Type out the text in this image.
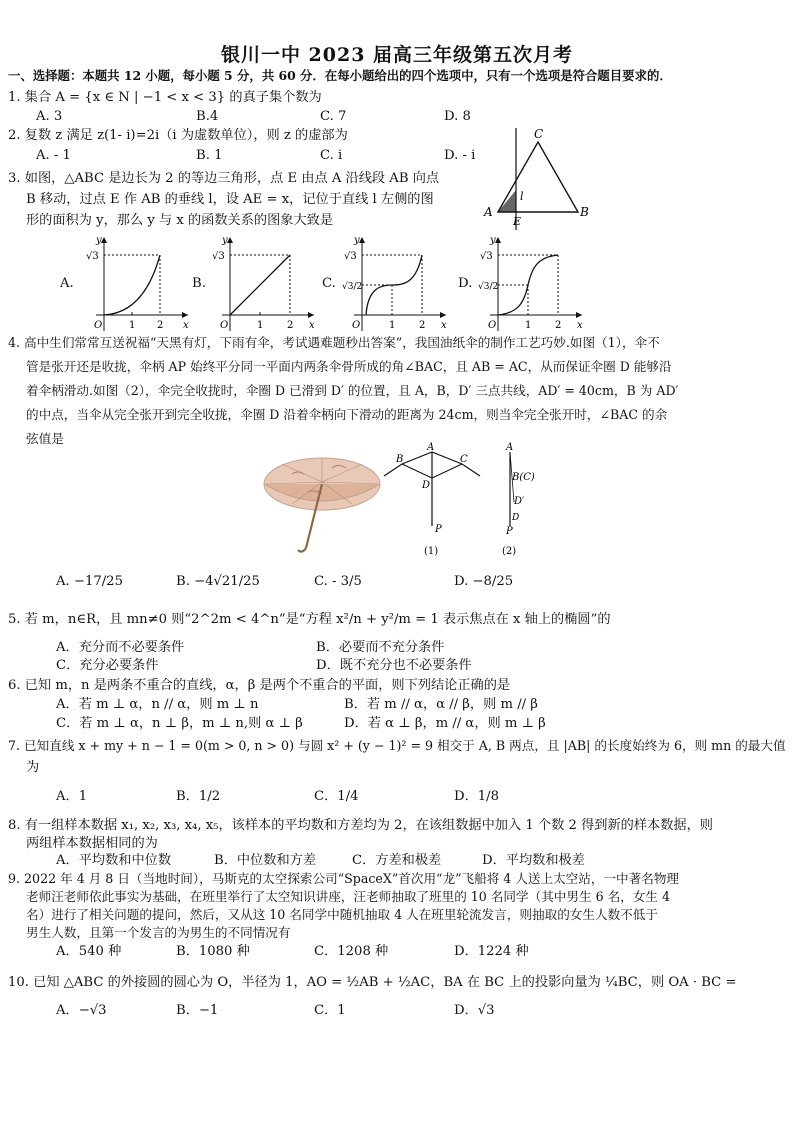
银川一中 2023 届高三年级第五次月考
一、选择题：本题共 12 小题，每小题 5 分，共 60 分．在每小题给出的四个选项中，只有一个选项是符合题目要求的．
1. 集合 A = {x ∈ N | −1 < x < 3} 的真子集个数为
A. 3	B.4	C. 7	D. 8
2. 复数 z 满足 z(1- i)=2i（i 为虚数单位），则 z 的虚部为
A. - 1	B. 1	C. i	D. - i
3. 如图，△ABC 是边长为 2 的等边三角形，点 E 由点 A 沿线段 AB 向点
B 移动，过点 E 作 AB 的垂线 l，设 AE = x，记位于直线 l 左侧的图
形的面积为 y，那么 y 与 x 的函数关系的图象大致是
C
l
A
E
B
A.	B.	C.	D.
y
x
O	1 2
√3
y
x
O	1 2
√3
y
x
O	1 2
√3
√3/2
y
x
O	1 2
√3
√3/2
4. 高中生们常常互送祝福“天黑有灯，下雨有伞，考试遇难题秒出答案”，我国油纸伞的制作工艺巧妙.如图（1），伞不
管是张开还是收拢，伞柄 AP 始终平分同一平面内两条伞骨所成的角∠BAC，且 AB = AC，从而保证伞圈 D 能够沿
着伞柄滑动.如图（2），伞完全收拢时，伞圈 D 已滑到 D′ 的位置，且 A，B，D′ 三点共线，AD′ = 40cm，B 为 AD′
的中点，当伞从完全张开到完全收拢，伞圈 D 沿着伞柄向下滑动的距离为 24cm，则当伞完全张开时，∠BAC 的余
弦值是
A
B	C
D
P
(1)
A
B(C)
D′
D
P
(2)
A. −17/25	B. −4√21/25	C. - 3/5	D. −8/25
5. 若 m，n∈R，且 mn≠0 则“2^2m < 4^n”是“方程 x²/n + y²/m = 1 表示焦点在 x 轴上的椭圆”的
A．充分而不必要条件	B．必要而不充分条件
C．充分必要条件	D．既不充分也不必要条件
6. 已知 m，n 是两条不重合的直线，α，β 是两个不重合的平面，则下列结论正确的是
A．若 m ⊥ α，n // α，则 m ⊥ n	B．若 m // α，α // β，则 m // β
C．若 m ⊥ α，n ⊥ β，m ⊥ n,则 α ⊥ β	D．若 α ⊥ β，m // α，则 m ⊥ β
7. 已知直线 x + my + n − 1 = 0(m > 0, n > 0) 与圆 x² + (y − 1)² = 9 相交于 A, B 两点，且 |AB| 的长度始终为 6，则 mn 的最大值
为
A．1	B．1/2	C．1/4	D．1/8
8. 有一组样本数据 x₁, x₂, x₃, x₄, x₅，该样本的平均数和方差均为 2，在该组数据中加入 1 个数 2 得到新的样本数据，则
两组样本数据相同的为
A．平均数和中位数	B．中位数和方差	C．方差和极差	D．平均数和极差
9. 2022 年 4 月 8 日（当地时间），马斯克的太空探索公司“SpaceX”首次用“龙”飞船将 4 人送上太空站，一中著名物理
老师汪老师依此事实为基础，在班里举行了太空知识讲座，汪老师抽取了班里的 10 名同学（其中男生 6 名，女生 4
名）进行了相关问题的提问，然后，又从这 10 名同学中随机抽取 4 人在班里轮流发言，则抽取的女生人数不低于
男生人数，且第一个发言的为男生的不同情况有
A．540 种	B．1080 种	C．1208 种	D．1224 种
10. 已知 △ABC 的外接圆的圆心为 O，半径为 1，AO = ½AB + ½AC，BA 在 BC 上的投影向量为 ¼BC，则 OA · BC =
A．−√3	B．−1	C．1	D．√3
